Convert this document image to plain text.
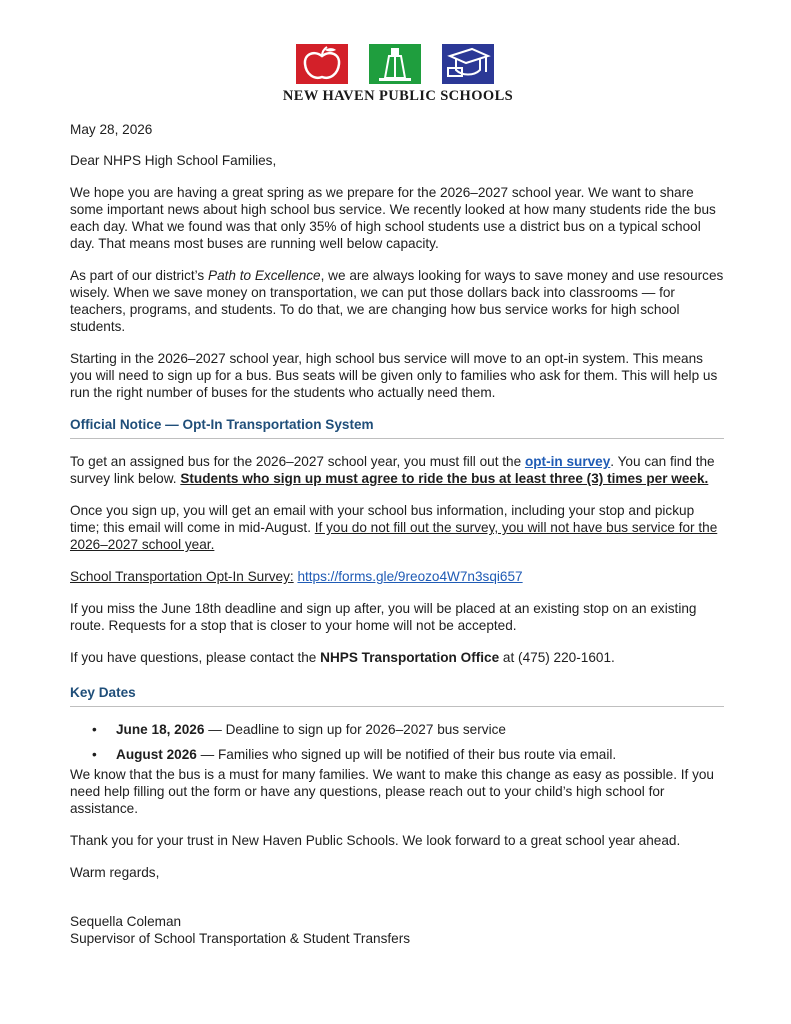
NEW HAVEN PUBLIC SCHOOLS

May 28, 2026

Dear NHPS High School Families,

We hope you are having a great spring as we prepare for the 2026–2027 school year. We want to share some important news about high school bus service. We recently looked at how many students ride the bus each day. What we found was that only 35% of high school students use a district bus on a typical school day. That means most buses are running well below capacity.

As part of our district’s Path to Excellence, we are always looking for ways to save money and use resources wisely. When we save money on transportation, we can put those dollars back into classrooms — for teachers, programs, and students. To do that, we are changing how bus service works for high school students.

Starting in the 2026–2027 school year, high school bus service will move to an opt-in system. This means you will need to sign up for a bus. Bus seats will be given only to families who ask for them. This will help us run the right number of buses for the students who actually need them.

Official Notice — Opt-In Transportation System

To get an assigned bus for the 2026–2027 school year, you must fill out the opt-in survey. You can find the survey link below. Students who sign up must agree to ride the bus at least three (3) times per week.

Once you sign up, you will get an email with your school bus information, including your stop and pickup time; this email will come in mid-August. If you do not fill out the survey, you will not have bus service for the 2026–2027 school year.

School Transportation Opt-In Survey: https://forms.gle/9reozo4W7n3sqi657

If you miss the June 18th deadline and sign up after, you will be placed at an existing stop on an existing route. Requests for a stop that is closer to your home will not be accepted.

If you have questions, please contact the NHPS Transportation Office at (475) 220-1601.

Key Dates

• June 18, 2026 — Deadline to sign up for 2026–2027 bus service
• August 2026 — Families who signed up will be notified of their bus route via email.

We know that the bus is a must for many families. We want to make this change as easy as possible. If you need help filling out the form or have any questions, please reach out to your child’s high school for assistance.

Thank you for your trust in New Haven Public Schools. We look forward to a great school year ahead.

Warm regards,

Sequella Coleman

Supervisor of School Transportation & Student Transfers
